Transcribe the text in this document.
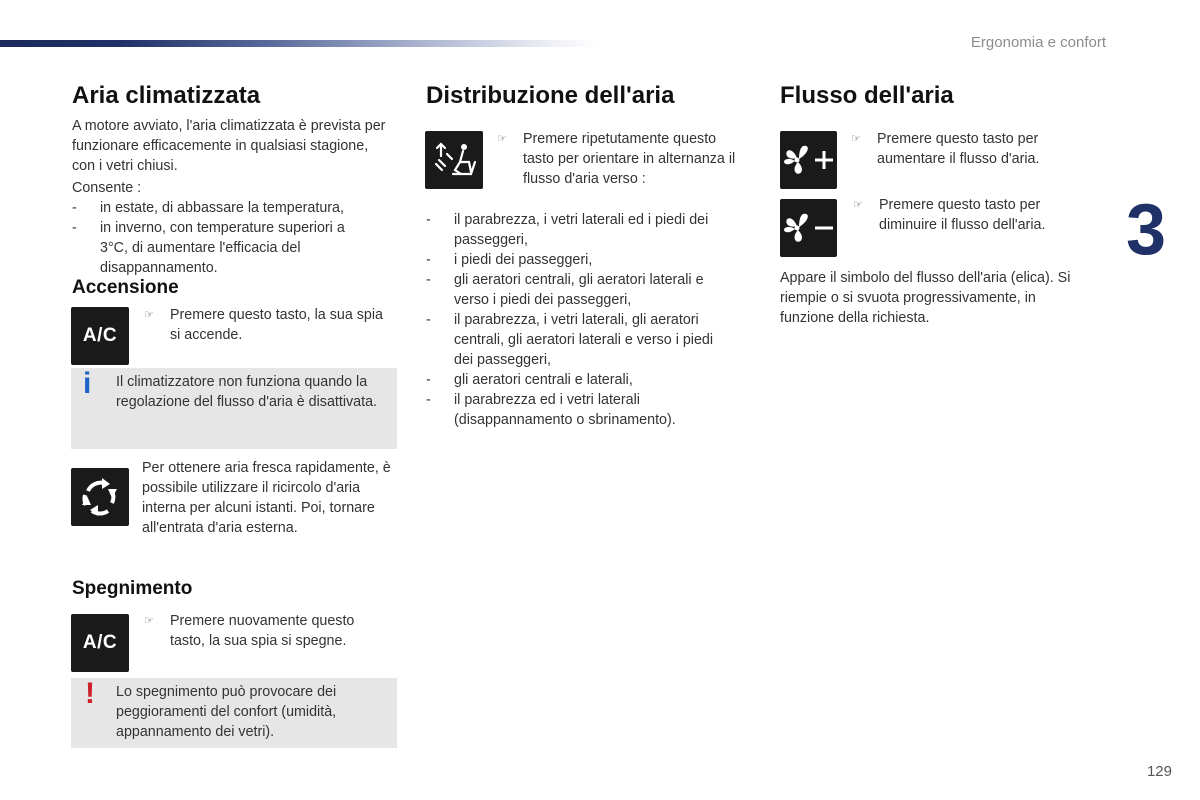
Ergonomia e confort
3
129
Aria climatizzata

A motore avviato, l'aria climatizzata è prevista per funzionare efficacemente in qualsiasi stagione, con i vetri chiusi.

Consente :

- in estate, di abbassare la temperatura,
- in inverno, con temperature superiori a 3°C, di aumentare l'efficacia del disappannamento.
Accensione
A/C
☞ Premere questo tasto, la sua spia si accende.
i Il climatizzatore non funziona quando la regolazione del flusso d'aria è disattivata.

Per ottenere aria fresca rapidamente, è possibile utilizzare il ricircolo d'aria interna per alcuni istanti. Poi, tornare all'entrata d'aria esterna.

Spegnimento
A/C
☞ Premere nuovamente questo tasto, la sua spia si spegne.
! Lo spegnimento può provocare dei peggioramenti del confort (umidità, appannamento dei vetri).
Distribuzione dell'aria
☞ Premere ripetutamente questo tasto per orientare in alternanza il flusso d'aria verso :
- il parabrezza, i vetri laterali ed i piedi dei passeggeri,
- i piedi dei passeggeri,
- gli aeratori centrali, gli aeratori laterali e verso i piedi dei passeggeri,
- il parabrezza, i vetri laterali, gli aeratori centrali, gli aeratori laterali e verso i piedi dei passeggeri,
- gli aeratori centrali e laterali,
- il parabrezza ed i vetri laterali (disappannamento o sbrinamento).
Flusso dell'aria
☞ Premere questo tasto per aumentare il flusso d'aria.
☞ Premere questo tasto per diminuire il flusso dell'aria.

Appare il simbolo del flusso dell'aria (elica). Si riempie o si svuota progressivamente, in funzione della richiesta.
